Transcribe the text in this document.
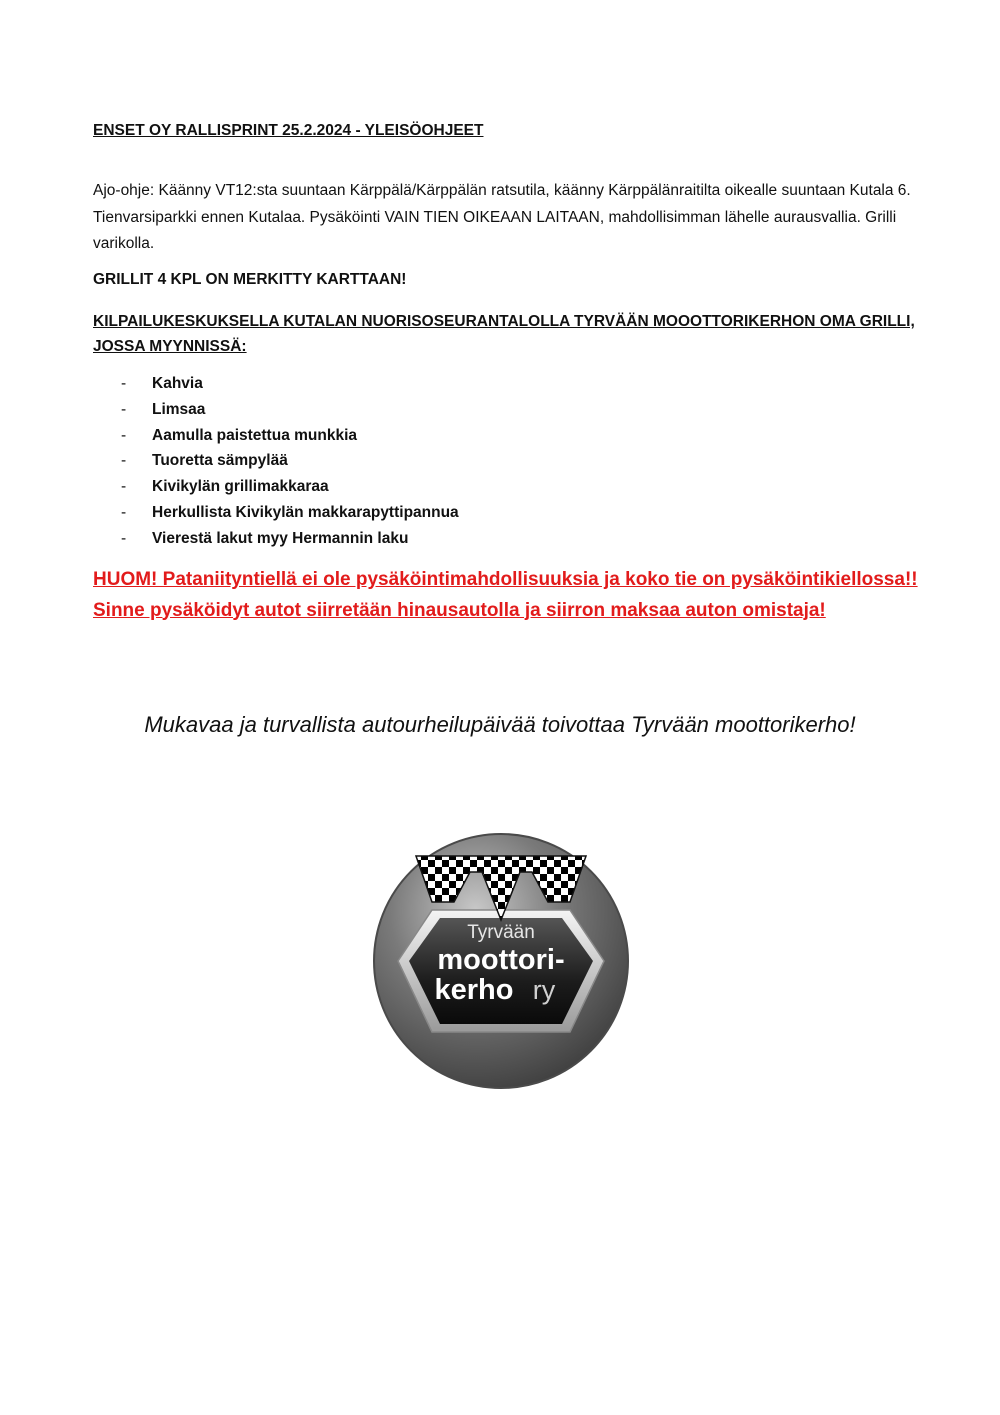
ENSET OY RALLISPRINT 25.2.2024 - YLEISÖOHJEET
Ajo-ohje: Käänny VT12:sta suuntaan Kärppälä/Kärppälän ratsutila, käänny Kärppälänraitilta oikealle suuntaan Kutala 6. Tienvarsiparkki ennen Kutalaa. Pysäköinti VAIN TIEN OIKEAAN LAITAAN, mahdollisimman lähelle aurausvallia. Grilli varikolla.
GRILLIT 4 KPL ON MERKITTY KARTTAAN!
KILPAILUKESKUKSELLA KUTALAN NUORISOSEURANTALOLLA TYRVÄÄN MOOOTTORIKERHON OMA GRILLI, JOSSA MYYNNISSÄ:
-	Kahvia
-	Limsaa
-	Aamulla paistettua munkkia
-	Tuoretta sämpylää
-	Kivikylän grillimakkaraa
-	Herkullista Kivikylän makkarapyttipannua
-	Vierestä lakut myy Hermannin laku
HUOM! Pataniityntiellä ei ole pysäköintimahdollisuuksia ja koko tie on pysäköintikiellossa!! Sinne pysäköidyt autot siirretään hinausautolla ja siirron maksaa auton omistaja!
Mukavaa ja turvallista autourheilupäivää toivottaa Tyrvään moottorikerho!
Tyrvään
moottori-
kerho ry
